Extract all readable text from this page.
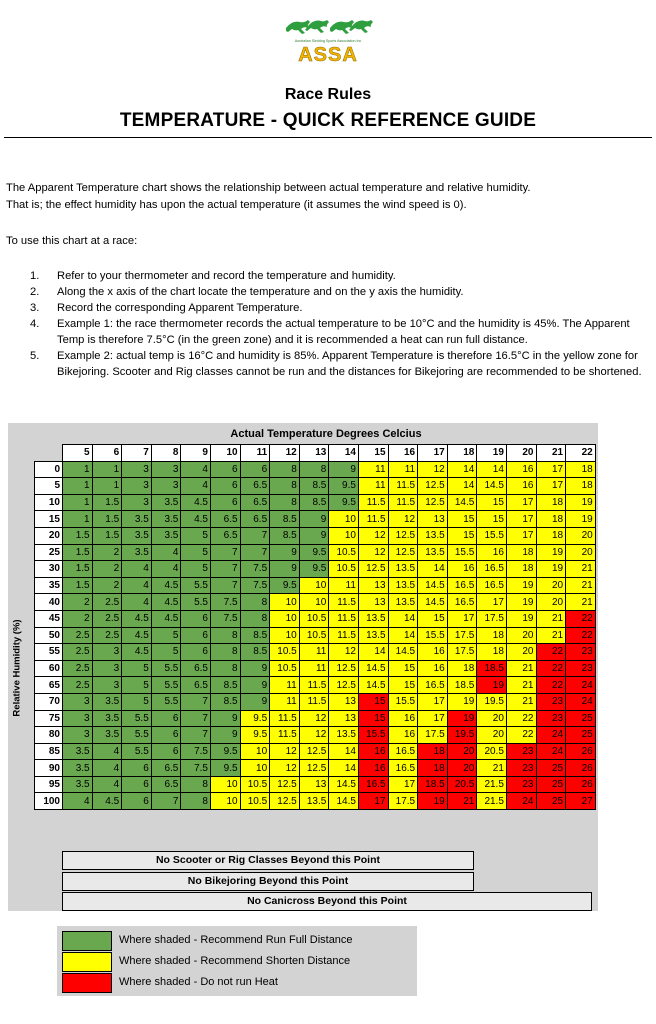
Australian Sleddog Sports Association Inc
ASSA
Race Rules
TEMPERATURE - QUICK REFERENCE GUIDE
The Apparent Temperature chart shows the relationship between actual temperature and relative humidity.
That is; the effect humidity has upon the actual temperature (it assumes the wind speed is 0).
To use this chart at a race:
1. Refer to your thermometer and record the temperature and humidity.
2. Along the x axis of the chart locate the temperature and on the y axis the humidity.
3. Record the corresponding Apparent Temperature.
4. Example 1: the race thermometer records the actual temperature to be 10°C and the humidity is 45%. The Apparent Temp is therefore 7.5°C (in the green zone) and it is recommended a heat can run full distance.
5. Example 2: actual temp is 16°C and humidity is 85%. Apparent Temperature is therefore 16.5°C in the yellow zone for Bikejoring. Scooter and Rig classes cannot be run and the distances for Bikejoring are recommended to be shortened.
Actual Temperature Degrees Celcius
Relative Humidity (%)
	5	6	7	8	9	10	11	12	13	14	15	16	17	18	19	20	21	22
0	1	1	3	3	4	6	6	8	8	9	11	11	12	14	14	16	17	18
5	1	1	3	3	4	6	6.5	8	8.5	9.5	11	11.5	12.5	14	14.5	16	17	18
10	1	1.5	3	3.5	4.5	6	6.5	8	8.5	9.5	11.5	11.5	12.5	14.5	15	17	18	19
15	1	1.5	3.5	3.5	4.5	6.5	6.5	8.5	9	10	11.5	12	13	15	15	17	18	19
20	1.5	1.5	3.5	3.5	5	6.5	7	8.5	9	10	12	12.5	13.5	15	15.5	17	18	20
25	1.5	2	3.5	4	5	7	7	9	9.5	10.5	12	12.5	13.5	15.5	16	18	19	20
30	1.5	2	4	4	5	7	7.5	9	9.5	10.5	12.5	13.5	14	16	16.5	18	19	21
35	1.5	2	4	4.5	5.5	7	7.5	9.5	10	11	13	13.5	14.5	16.5	16.5	19	20	21
40	2	2.5	4	4.5	5.5	7.5	8	10	10	11.5	13	13.5	14.5	16.5	17	19	20	21
45	2	2.5	4.5	4.5	6	7.5	8	10	10.5	11.5	13.5	14	15	17	17.5	19	21	22
50	2.5	2.5	4.5	5	6	8	8.5	10	10.5	11.5	13.5	14	15.5	17.5	18	20	21	22
55	2.5	3	4.5	5	6	8	8.5	10.5	11	12	14	14.5	16	17.5	18	20	22	23
60	2.5	3	5	5.5	6.5	8	9	10.5	11	12.5	14.5	15	16	18	18.5	21	22	23
65	2.5	3	5	5.5	6.5	8.5	9	11	11.5	12.5	14.5	15	16.5	18.5	19	21	22	24
70	3	3.5	5	5.5	7	8.5	9	11	11.5	13	15	15.5	17	19	19.5	21	23	24
75	3	3.5	5.5	6	7	9	9.5	11.5	12	13	15	16	17	19	20	22	23	25
80	3	3.5	5.5	6	7	9	9.5	11.5	12	13.5	15.5	16	17.5	19.5	20	22	24	25
85	3.5	4	5.5	6	7.5	9.5	10	12	12.5	14	16	16.5	18	20	20.5	23	24	26
90	3.5	4	6	6.5	7.5	9.5	10	12	12.5	14	16	16.5	18	20	21	23	25	26
95	3.5	4	6	6.5	8	10	10.5	12.5	13	14.5	16.5	17	18.5	20.5	21.5	23	25	26
100	4	4.5	6	7	8	10	10.5	12.5	13.5	14.5	17	17.5	19	21	21.5	24	25	27
No Scooter or Rig Classes Beyond this Point
No Bikejoring Beyond this Point
No Canicross Beyond this Point
Where shaded - Recommend Run Full Distance
Where shaded - Recommend Shorten Distance
Where shaded - Do not run Heat
